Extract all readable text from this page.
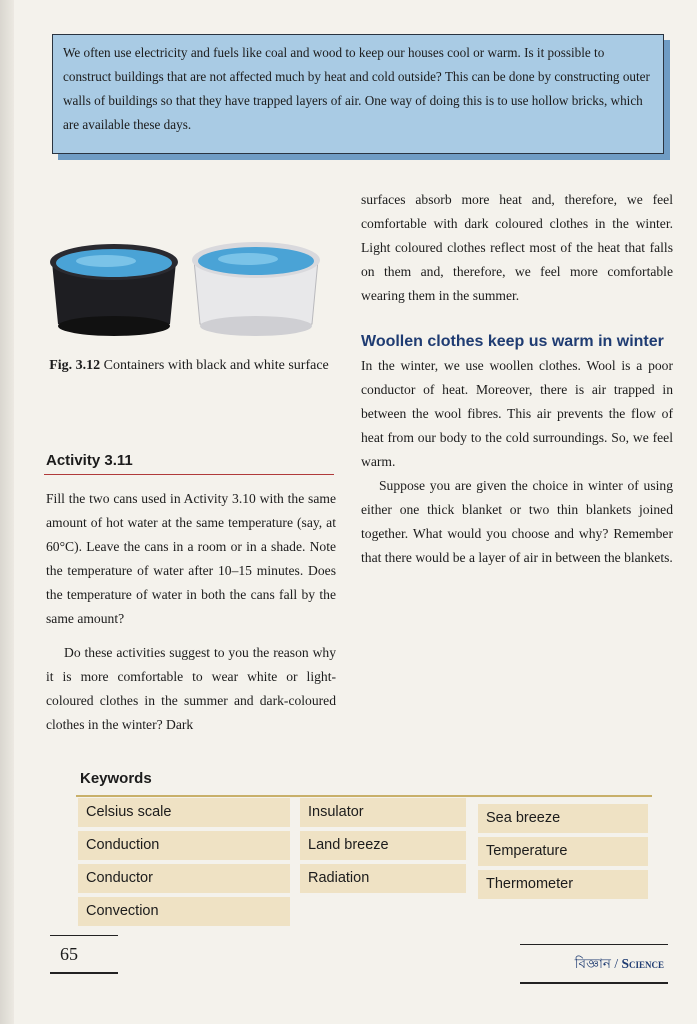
We often use electricity and fuels like coal and wood to keep our houses cool or warm. Is it possible to construct buildings that are not affected much by heat and cold outside? This can be done by constructing outer walls of buildings so that they have trapped layers of air. One way of doing this is to use hollow bricks, which are available these days.
Fig. 3.12 Containers with black and white surface
Activity 3.11

Fill the two cans used in Activity 3.10 with the same amount of hot water at the same temperature (say, at 60°C). Leave the cans in a room or in a shade. Note the temperature of water after 10–15 minutes. Does the temperature of water in both the cans fall by the same amount?

Do these activities suggest to you the reason why it is more comfortable to wear white or light-coloured clothes in the summer and dark-coloured clothes in the winter? Dark

surfaces absorb more heat and, therefore, we feel comfortable with dark coloured clothes in the winter. Light coloured clothes reflect most of the heat that falls on them and, therefore, we feel more comfortable wearing them in the summer.

Woollen clothes keep us warm in winter

In the winter, we use woollen clothes. Wool is a poor conductor of heat. Moreover, there is air trapped in between the wool fibres. This air prevents the flow of heat from our body to the cold surroundings. So, we feel warm.

Suppose you are given the choice in winter of using either one thick blanket or two thin blankets joined together. What would you choose and why? Remember that there would be a layer of air in between the blankets.

Keywords
Celsius scale
Conduction
Conductor
Convection
Insulator
Land breeze
Radiation
Sea breeze
Temperature
Thermometer
65	বিজ্ঞান / Science
